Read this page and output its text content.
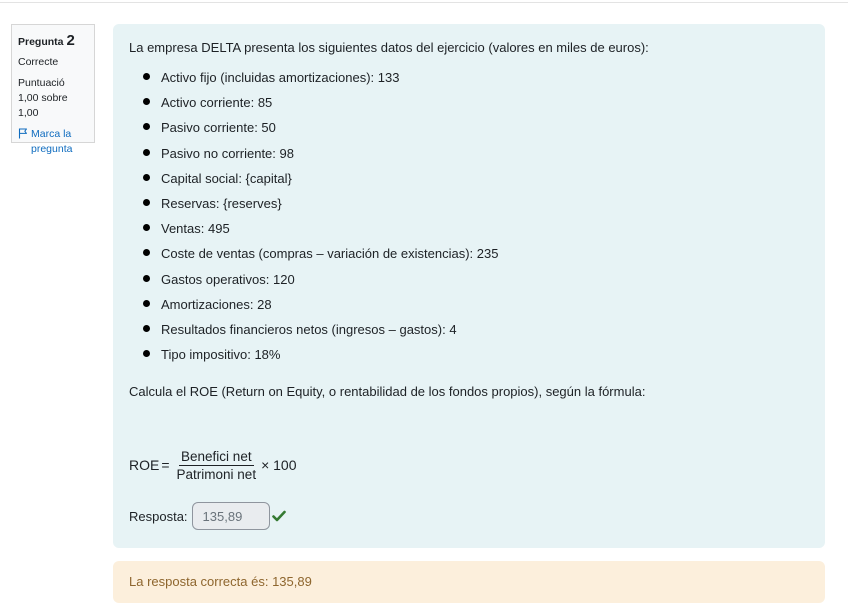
Pregunta 2
Correcte
Puntuació 1,00 sobre 1,00
Marca la pregunta

La empresa DELTA presenta los siguientes datos del ejercicio (valores en miles de euros):

Activo fijo (incluidas amortizaciones): 133
Activo corriente: 85
Pasivo corriente: 50
Pasivo no corriente: 98
Capital social: {capital}
Reservas: {reserves}
Ventas: 495
Coste de ventas (compras – variación de existencias): 235
Gastos operativos: 120
Amortizaciones: 28
Resultados financieros netos (ingresos – gastos): 4
Tipo impositivo: 18%
Calcula el ROE (Return on Equity, o rentabilidad de los fondos propios), según la fórmula:
ROE = $\frac{\text{Benefici net}}{\text{Patrimoni net}} \times 100$
Resposta:
135,89
La resposta correcta és: 135,89
